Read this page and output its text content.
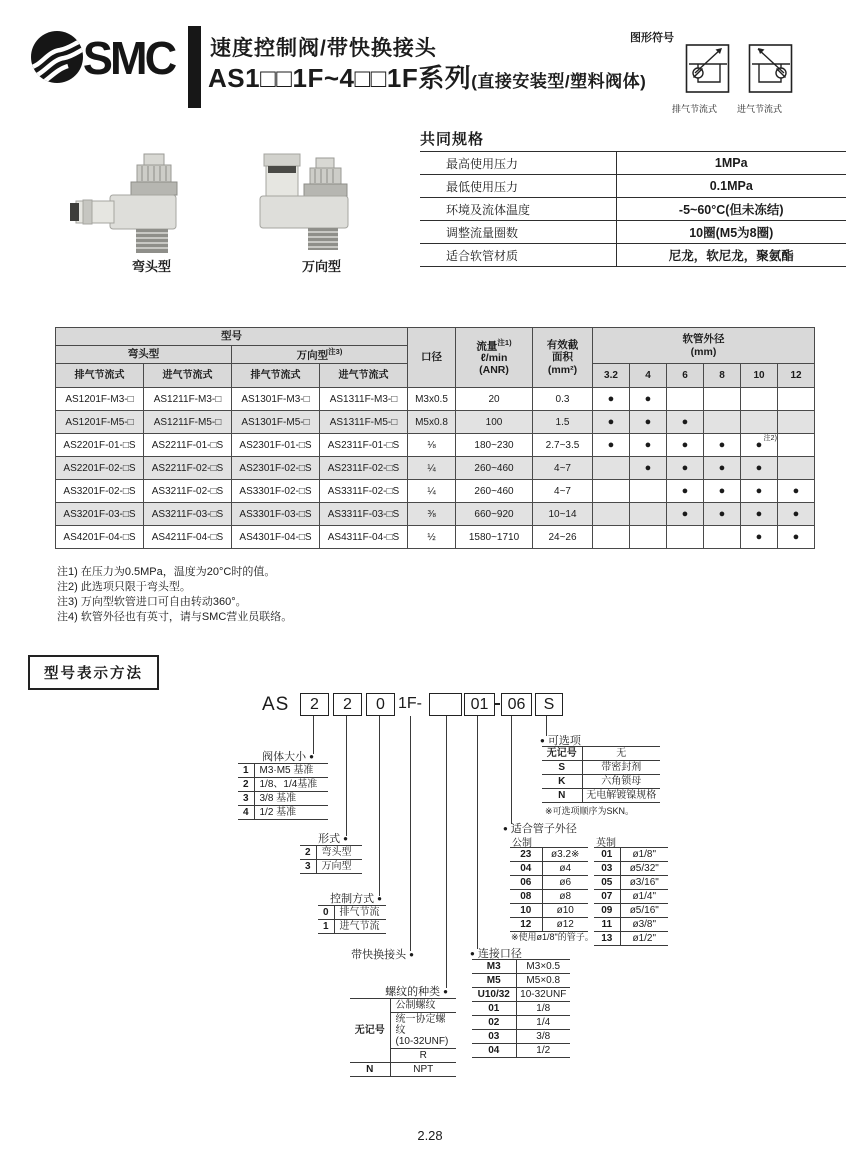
SMC 速度控制阀/带快换接头
AS1□□1F~4□□1F系列(直接安装型/塑料阀体)
图形符号
排气节流式 进气节流式
弯头型	万向型
共同规格
最高使用压力	1MPa
最低使用压力	0.1MPa
环境及流体温度	-5~60°C(但未冻结)
调整流量圈数	10圈(M5为8圈)
适合软管材质	尼龙，软尼龙，聚氨酯
型号	口径	
流量$^{注1)}$
ℓ/min
(ANR)

有效截
面积
(mm²)

软管外径
(mm)

弯头型		万向型$^{注3)}$
排气节流式	进气节流式	排气节流式	进气节流式				3.2	4	6	8	10	12
AS1201F-M3-□	AS1211F-M3-□	AS1301F-M3-□	AS1311F-M3-□	M3x0.5	20	0.3	●	●				
AS1201F-M5-□	AS1211F-M5-□	AS1301F-M5-□	AS1311F-M5-□	M5x0.8	100	1.5	●	●	●			
AS2201F-01-□S	AS2211F-01-□S	AS2301F-01-□S	AS2311F-01-□S	⅛	180~230	2.7~3.5	●	●	●	●	●
注2)	

AS2201F-02-□S	AS2211F-02-□S	AS2301F-02-□S	AS2311F-02-□S	¼	260~460	4~7		●	●	●	●	
AS3201F-02-□S	AS3211F-02-□S	AS3301F-02-□S	AS3311F-02-□S	¼	260~460	4~7			●	●	●	●
AS3201F-03-□S	AS3211F-03-□S	AS3301F-03-□S	AS3311F-03-□S	⅜	660~920	10~14			●	●	●	●
AS4201F-04-□S	AS4211F-04-□S	AS4301F-04-□S	AS4311F-04-□S	½	1580~1710	24~26					●	●
注1) 在压力为0.5MPa，温度为20°C时的值。
注2) 此选项只限于弯头型。
注3) 万向型软管进口可自由转动360°。
注4) 软管外径也有英寸，请与SMC营业员联络。
型号表示方法
AS	2	2	0 1F-	01	06	S
阀体大小 ●
1	M3·M5 基准
2	1/8、1/4基准
3	3/8 基准
4	1/2 基准
形式 ●
2	弯头型
3	万向型
控制方式 ●
0	排气节流
1	进气节流
带快换接头 ●
螺纹的种类 ●
无记号	公制螺纹

	统一协定螺纹
(10-32UNF)

	R
N	NPT
● 可选项
无记号	无
S	带密封剂
K	六角锁母
N	无电解镀镍规格
※可选项顺序为SKN。
● 适合管子外径
公制
23	ø3.2※
04	ø4
06	ø6
08	ø8
10	ø10
12	ø12
※使用ø1/8"的管子。
英制
01	ø1/8"
03	ø5/32"
05	ø3/16"
07	ø1/4"
09	ø5/16"
11	ø3/8"
13	ø1/2"
● 连接口径
M3	M3×0.5
M5	M5×0.8
U10/32	10-32UNF
01	1/8
02	1/4
03	3/8
04	1/2
2.28
